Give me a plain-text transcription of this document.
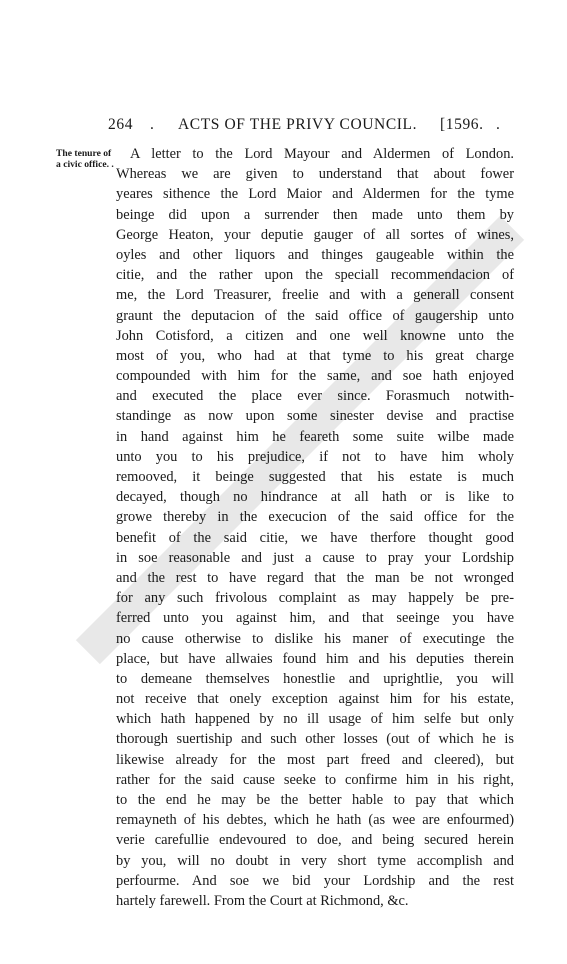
264 . ACTS OF THE PRIVY COUNCIL. [1596. .
The tenure of
a civic office. .
A letter to the Lord Mayour and Aldermen of London.
Whereas we are given to understand that about fower
yeares sithence the Lord Maior and Aldermen for the tyme
beinge did upon a surrender then made unto them by
George Heaton, your deputie gauger of all sortes of wines,
oyles and other liquors and thinges gaugeable within the
citie, and the rather upon the speciall recommendacion of
me, the Lord Treasurer, freelie and with a generall consent
graunt the deputacion of the said office of gaugership unto
John Cotisford, a citizen and one well knowne unto the
most of you, who had at that tyme to his great charge
compounded with him for the same, and soe hath enjoyed
and executed the place ever since. Forasmuch notwith-
standinge as now upon some sinester devise and practise
in hand against him he feareth some suite wilbe made
unto you to his prejudice, if not to have him wholy
remooved, it beinge suggested that his estate is much
decayed, though no hindrance at all hath or is like to
growe thereby in the execucion of the said office for the
benefit of the said citie, we have therfore thought good
in soe reasonable and just a cause to pray your Lordship
and the rest to have regard that the man be not wronged
for any such frivolous complaint as may happely be pre-
ferred unto you against him, and that seeinge you have
no cause otherwise to dislike his maner of executinge the
place, but have allwaies found him and his deputies therein
to demeane themselves honestlie and uprightlie, you will
not receive that onely exception against him for his estate,
which hath happened by no ill usage of him selfe but only
thorough suertiship and such other losses (out of which he is
likewise already for the most part freed and cleered), but
rather for the said cause seeke to confirme him in his right,
to the end he may be the better hable to pay that which
remayneth of his debtes, which he hath (as wee are enfourmed)
verie carefullie endevoured to doe, and being secured herein
by you, will no doubt in very short tyme accomplish and
perfourme. And soe we bid your Lordship and the rest
hartely farewell. From the Court at Richmond, &c.
